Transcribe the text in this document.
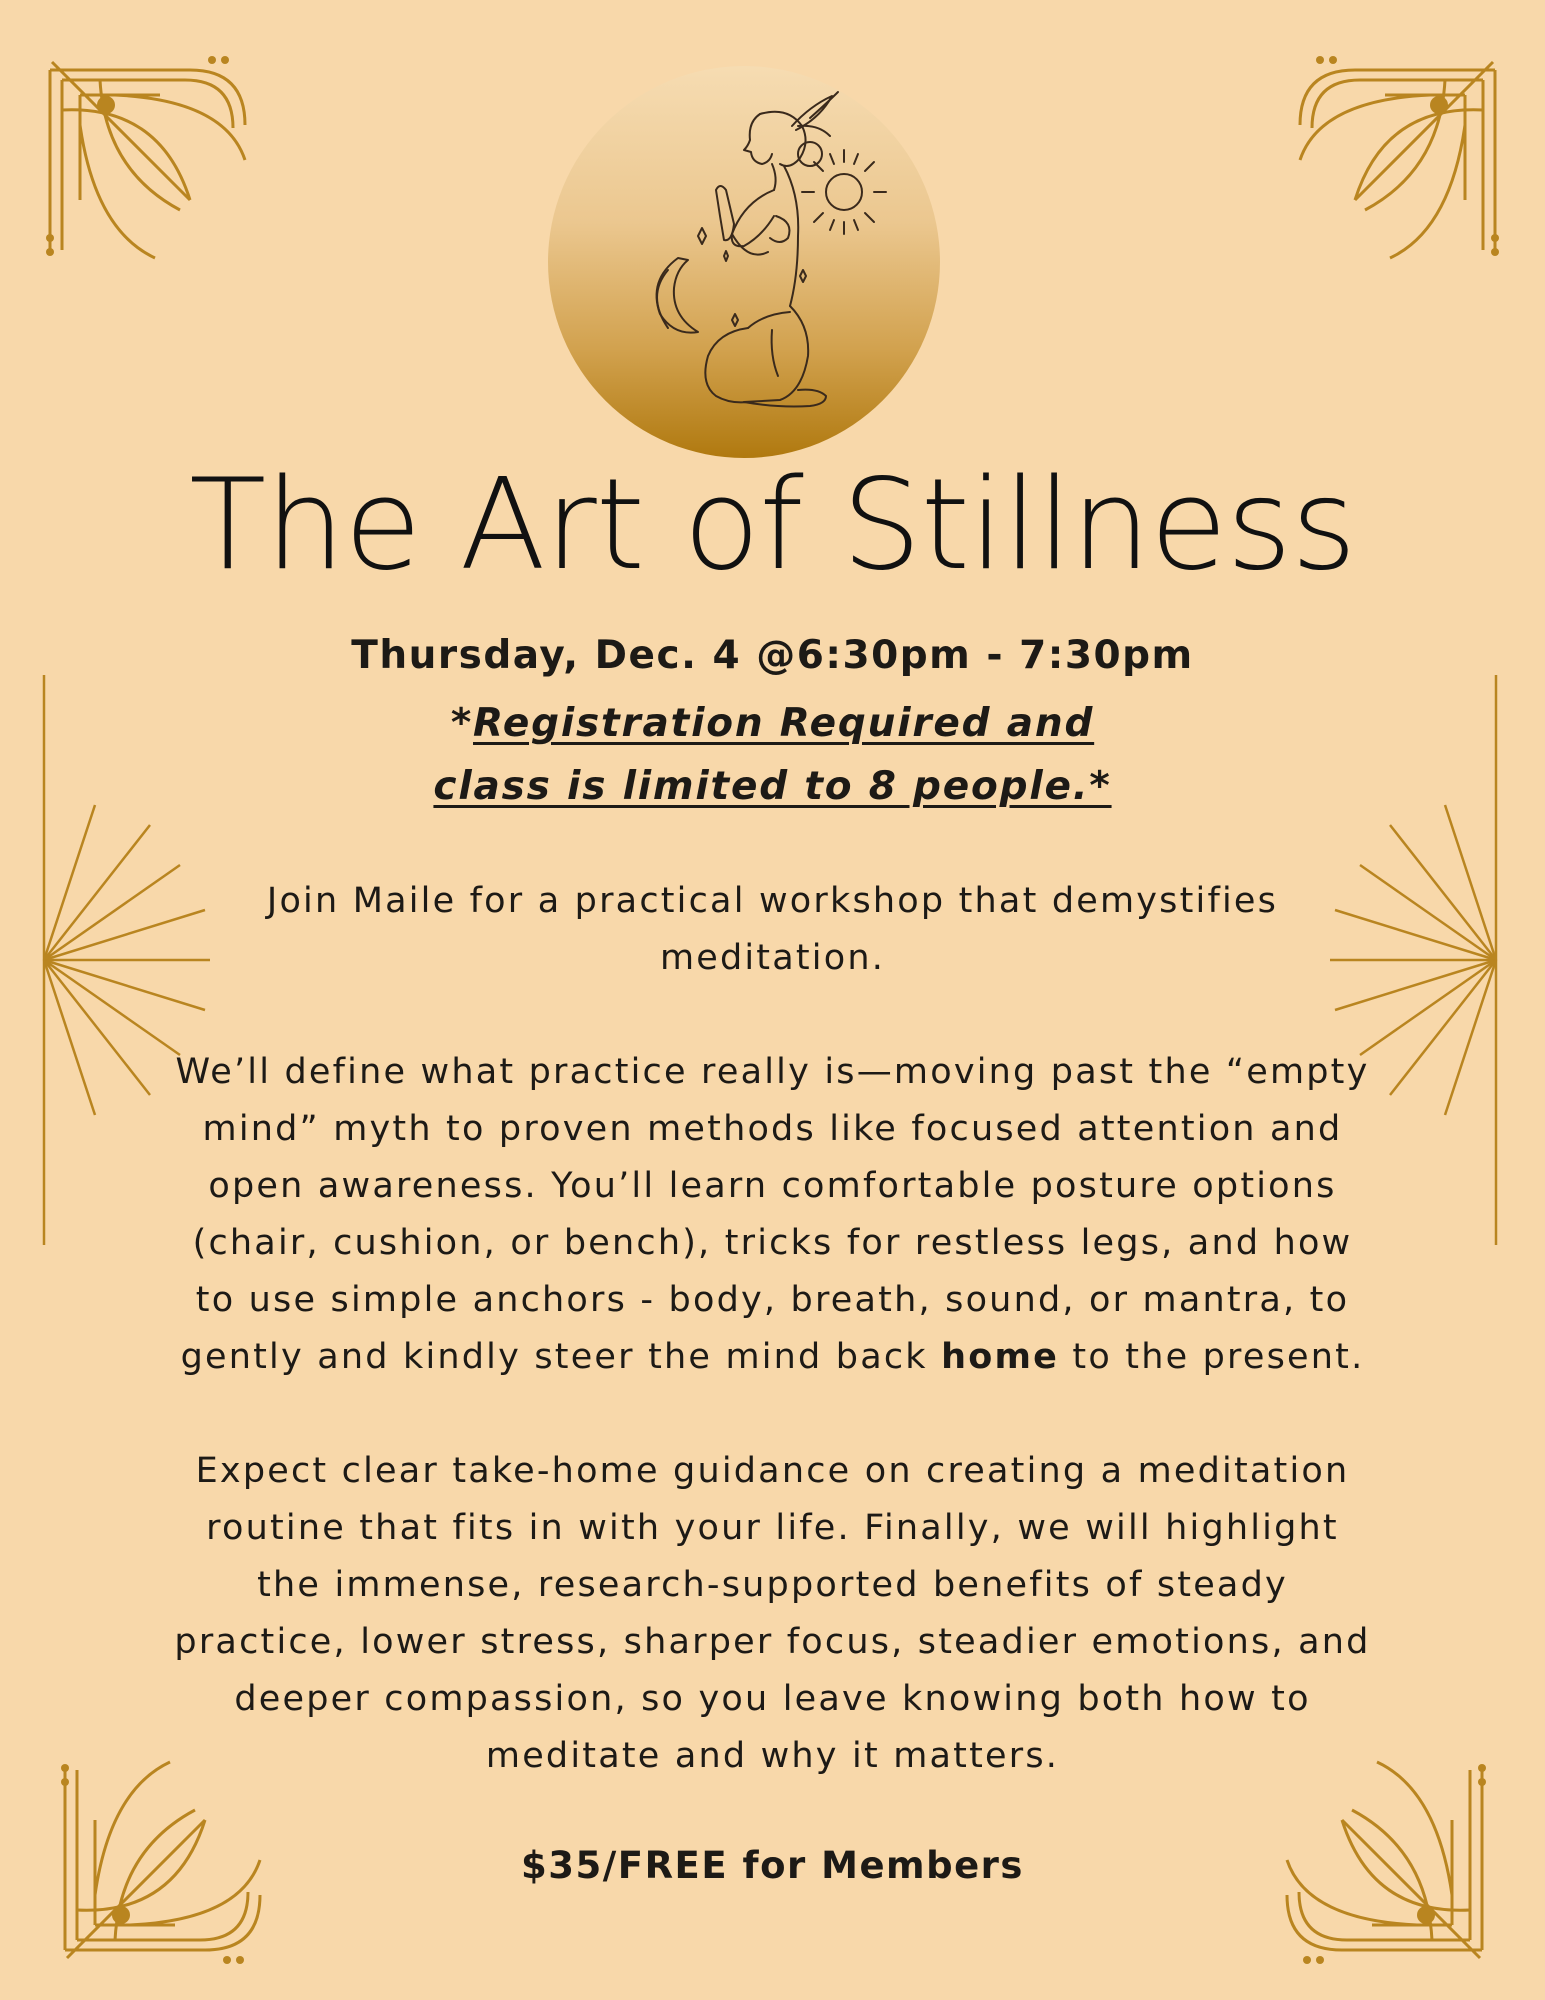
The Art of Stillness
Thursday, Dec. 4 @6:30pm - 7:30pm
*Registration Required and
class is limited to 8 people.*

Join Maile for a practical workshop that demystifies
meditation.

We’ll define what practice really is—moving past the “empty
mind” myth to proven methods like focused attention and
open awareness. You’ll learn comfortable posture options
(chair, cushion, or bench), tricks for restless legs, and how
to use simple anchors - body, breath, sound, or mantra, to
gently and kindly steer the mind back home to the present.

Expect clear take-home guidance on creating a meditation
routine that fits in with your life. Finally, we will highlight
the immense, research-supported benefits of steady
practice, lower stress, sharper focus, steadier emotions, and
deeper compassion, so you leave knowing both how to
meditate and why it matters.

$35/FREE for Members
